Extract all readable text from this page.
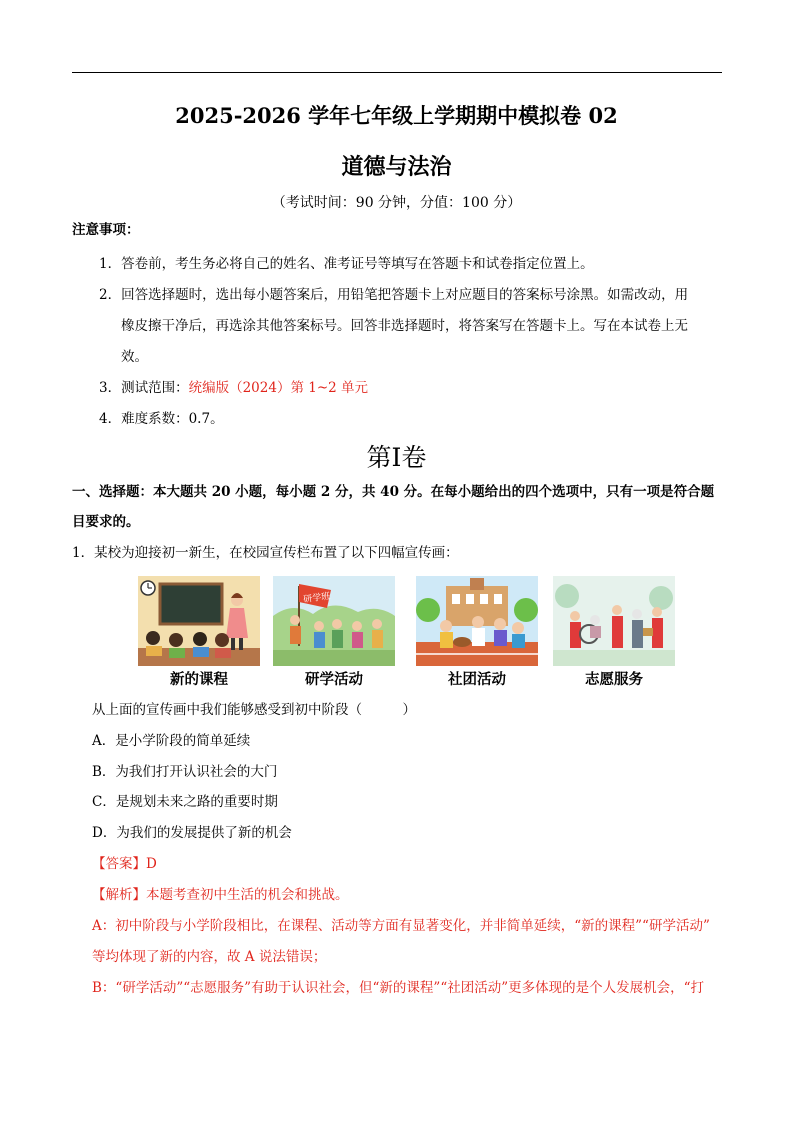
2025-2026 学年七年级上学期期中模拟卷 02
道德与法治
（考试时间：90 分钟，分值：100 分）
注意事项：
1．答卷前，考生务必将自己的姓名、准考证号等填写在答题卡和试卷指定位置上。
2．回答选择题时，选出每小题答案后，用铅笔把答题卡上对应题目的答案标号涂黑。如需改动，用
橡皮擦干净后，再选涂其他答案标号。回答非选择题时，将答案写在答题卡上。写在本试卷上无
效。
3．测试范围：统编版（2024）第 1~2 单元
4．难度系数：0.7。
第I卷
一、选择题：本大题共 20 小题，每小题 2 分，共 40 分。在每小题给出的四个选项中，只有一项是符合题
目要求的。
1．某校为迎接初一新生，在校园宣传栏布置了以下四幅宣传画：
新的课程
研学班
研学活动	社团活动	志愿服务
从上面的宣传画中我们能够感受到初中阶段（　　　）
A．是小学阶段的简单延续
B．为我们打开认识社会的大门
C．是规划未来之路的重要时期
D．为我们的发展提供了新的机会
【答案】D
【解析】本题考查初中生活的机会和挑战。
A：初中阶段与小学阶段相比，在课程、活动等方面有显著变化，并非简单延续，“新的课程”“研学活动”
等均体现了新的内容，故 A 说法错误；
B：“研学活动”“志愿服务”有助于认识社会，但“新的课程”“社团活动”更多体现的是个人发展机会，“打
